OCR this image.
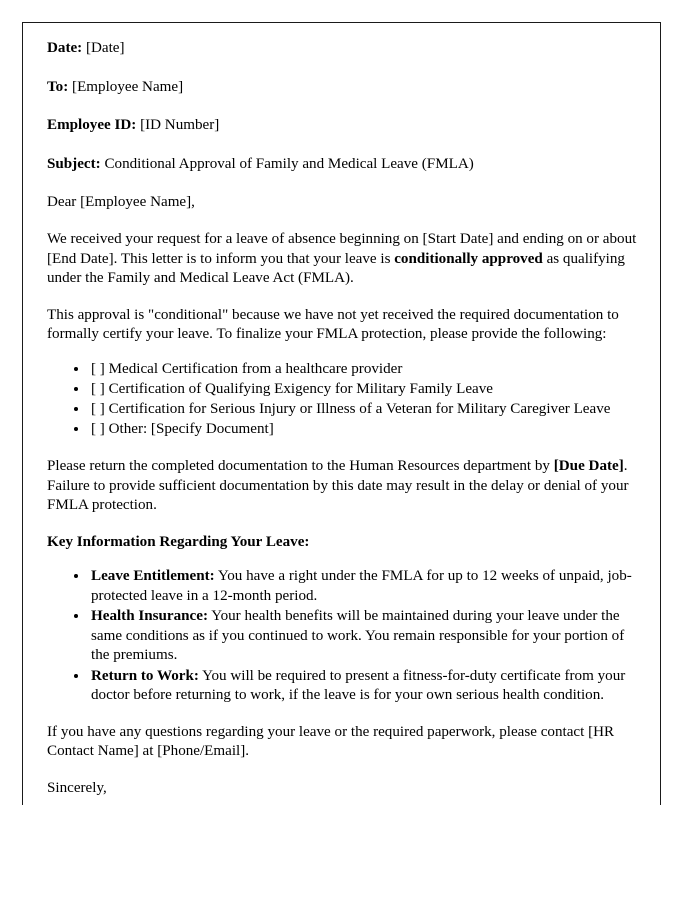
Date: [Date]
To: [Employee Name]
Employee ID: [ID Number]
Subject: Conditional Approval of Family and Medical Leave (FMLA)

Dear [Employee Name],

We received your request for a leave of absence beginning on [Start Date] and ending on or about [End Date]. This letter is to inform you that your leave is conditionally approved as qualifying under the Family and Medical Leave Act (FMLA).

This approval is "conditional" because we have not yet received the required documentation to formally certify your leave. To finalize your FMLA protection, please provide the following:

• [ ] Medical Certification from a healthcare provider
• [ ] Certification of Qualifying Exigency for Military Family Leave
• [ ] Certification for Serious Injury or Illness of a Veteran for Military Caregiver Leave
• [ ] Other: [Specify Document]

Please return the completed documentation to the Human Resources department by [Due Date]. Failure to provide sufficient documentation by this date may result in the delay or denial of your FMLA protection.

Key Information Regarding Your Leave:
• Leave Entitlement: You have a right under the FMLA for up to 12 weeks of unpaid, job-protected leave in a 12-month period.
• Health Insurance: Your health benefits will be maintained during your leave under the same conditions as if you continued to work. You remain responsible for your portion of the premiums.
• Return to Work: You will be required to present a fitness-for-duty certificate from your doctor before returning to work, if the leave is for your own serious health condition.

If you have any questions regarding your leave or the required paperwork, please contact [HR Contact Name] at [Phone/Email].

Sincerely,
